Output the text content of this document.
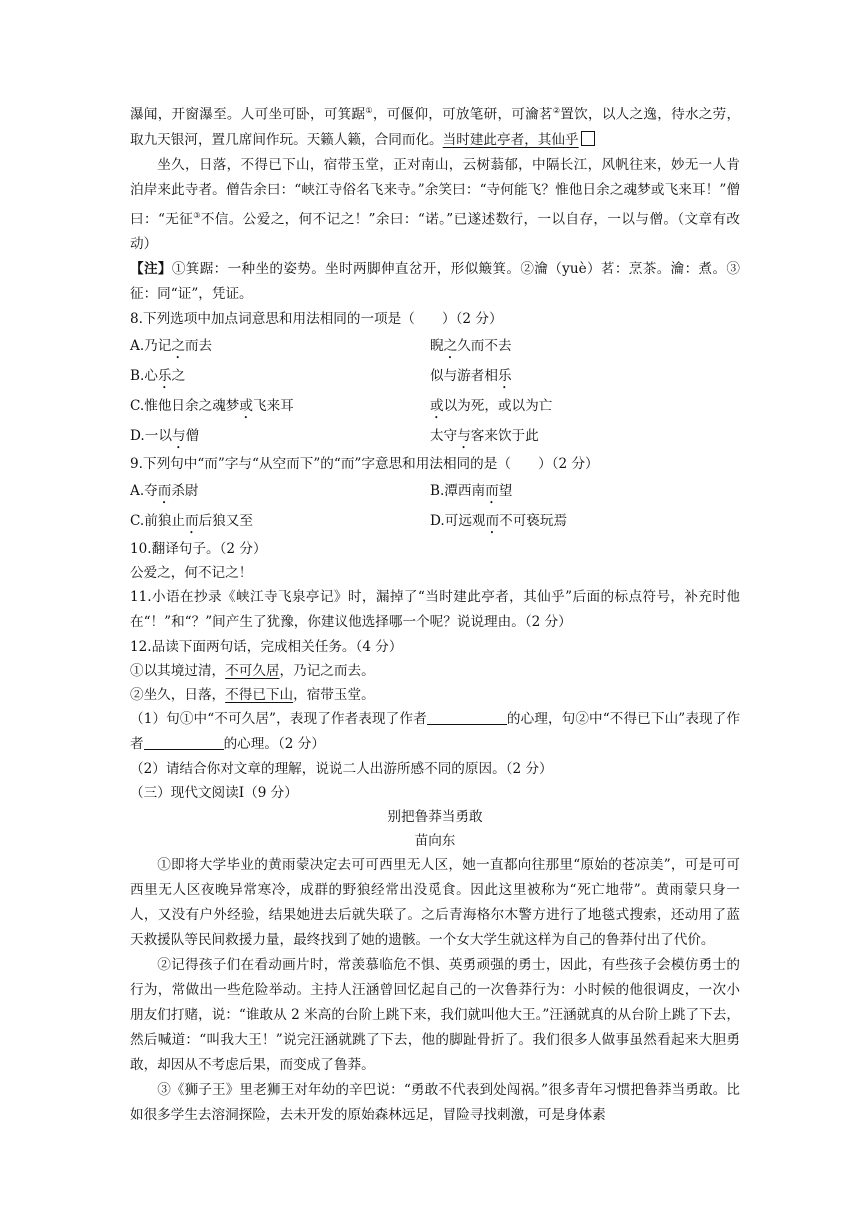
瀑闻，开窗瀑至。人可坐可卧，可箕踞①，可偃仰，可放笔研，可瀹茗②置饮，以人之逸，待水之劳，取九天银河，置几席间作玩。天籁人籁，合同而化。当时建此亭者，其仙乎

坐久，日落，不得已下山，宿带玉堂，正对南山，云树蓊郁，中隔长江，风帆往来，妙无一人肯泊岸来此寺者。僧告余曰：“峡江寺俗名飞来寺。”余笑曰：“寺何能飞？惟他日余之魂梦或飞来耳！”僧曰：“无征③不信。公爱之，何不记之！”余曰：“诺。”已遂述数行，一以自存，一以与僧。（文章有改动）

【注】①箕踞：一种坐的姿势。坐时两脚伸直岔开，形似簸箕。②瀹（yuè）茗：烹茶。瀹：煮。③征：同“证”，凭证。

8.下列选项中加点词意思和用法相同的一项是（　　）（2 分）

A.乃记之而去	睨之久而不去
B.心乐之	似与游者相乐
C.惟他日余之魂梦或飞来耳	或以为死，或以为亡
D.一以与僧	太守与客来饮于此

9.下列句中“而”字与“从空而下”的“而”字意思和用法相同的是（　　）（2 分）

A.夺而杀尉	B.潭西南而望
C.前狼止而后狼又至	D.可远观而不可亵玩焉

10.翻译句子。（2 分）

公爱之，何不记之！

11.小语在抄录《峡江寺飞泉亭记》时，漏掉了“当时建此亭者，其仙乎”后面的标点符号，补充时他在“！”和“？”间产生了犹豫，你建议他选择哪一个呢？说说理由。（2 分）

12.品读下面两句话，完成相关任务。（4 分）

①以其境过清，不可久居，乃记之而去。

②坐久，日落，不得已下山，宿带玉堂。

（1）句①中“不可久居”，表现了作者表现了作者	的心理，句②中“不得已下山”表现了作者	的心理。（2 分）

（2）请结合你对文章的理解，说说二人出游所感不同的原因。（2 分）

（三）现代文阅读Ⅰ（9 分）

别把鲁莽当勇敢

苗向东

①即将大学毕业的黄雨蒙决定去可可西里无人区，她一直都向往那里“原始的苍凉美”，可是可可西里无人区夜晚异常寒冷，成群的野狼经常出没觅食。因此这里被称为“死亡地带”。黄雨蒙只身一人，又没有户外经验，结果她进去后就失联了。之后青海格尔木警方进行了地毯式搜索，还动用了蓝天救援队等民间救援力量，最终找到了她的遗骸。一个女大学生就这样为自己的鲁莽付出了代价。

②记得孩子们在看动画片时，常羡慕临危不惧、英勇顽强的勇士，因此，有些孩子会模仿勇士的行为，常做出一些危险举动。主持人汪涵曾回忆起自己的一次鲁莽行为：小时候的他很调皮，一次小朋友们打赌，说：“谁敢从 2 米高的台阶上跳下来，我们就叫他大王。”汪涵就真的从台阶上跳了下去，然后喊道：“叫我大王！”说完汪涵就跳了下去，他的脚趾骨折了。我们很多人做事虽然看起来大胆勇敢，却因从不考虑后果，而变成了鲁莽。

③《狮子王》里老狮王对年幼的辛巴说：“勇敢不代表到处闯祸。”很多青年习惯把鲁莽当勇敢。比如很多学生去溶洞探险，去未开发的原始森林远足，冒险寻找刺激，可是身体素
